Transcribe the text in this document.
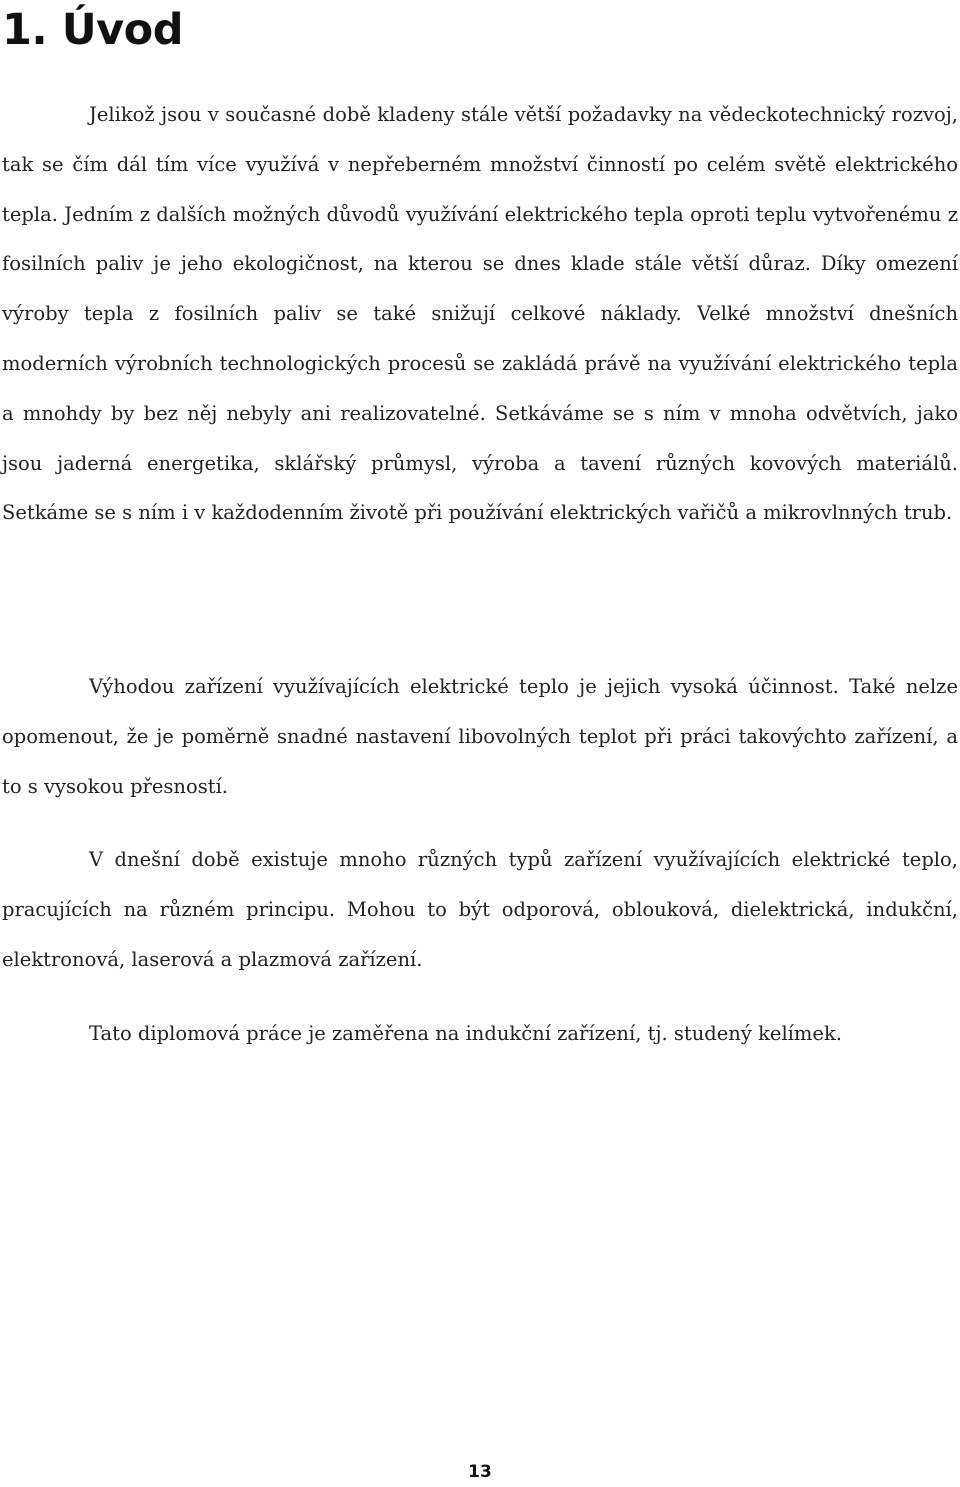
1. Úvod

Jelikož jsou v současné době kladeny stále větší požadavky na vědeckotechnický rozvoj, tak se čím dál tím více využívá v nepřeberném množství činností po celém světě elektrického tepla. Jedním z dalších možných důvodů využívání elektrického tepla oproti teplu vytvořenému z fosilních paliv je jeho ekologičnost, na kterou se dnes klade stále větší důraz. Díky omezení výroby tepla z fosilních paliv se také snižují celkové náklady. Velké množství dnešních moderních výrobních technologických procesů se zakládá právě na využívání elektrického tepla a mnohdy by bez něj nebyly ani realizovatelné. Setkáváme se s ním v mnoha odvětvích, jako jsou jaderná energetika, sklářský průmysl, výroba a tavení různých kovových materiálů. Setkáme se s ním i v každodenním životě při používání elektrických vařičů a mikrovlnných trub.

Výhodou zařízení využívajících elektrické teplo je jejich vysoká účinnost. Také nelze opomenout, že je poměrně snadné nastavení libovolných teplot při práci takovýchto zařízení, a to s vysokou přesností.

V dnešní době existuje mnoho různých typů zařízení využívajících elektrické teplo, pracujících na různém principu. Mohou to být odporová, oblouková, dielektrická, indukční, elektronová, laserová a plazmová zařízení.

Tato diplomová práce je zaměřena na indukční zařízení, tj. studený kelímek.

13
